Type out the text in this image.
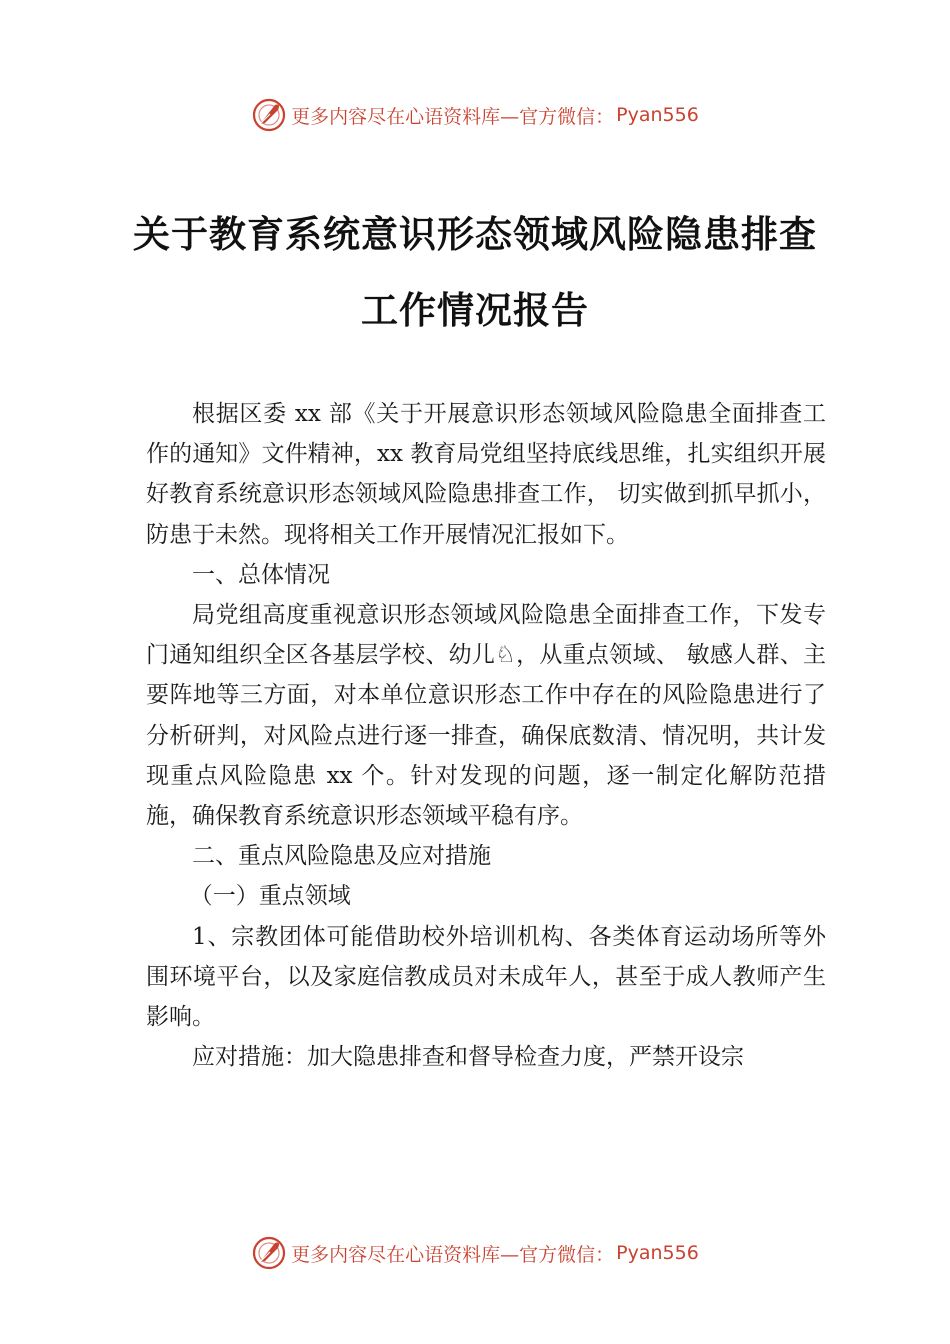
更多内容尽在心语资料库—官方微信： Pyan556
关于教育系统意识形态领域风险隐患排查
工作情况报告

根据区委 xx 部《关于开展意识形态领域风险隐患全面排查工作的通知》文件精神，xx 教育局党组坚持底线思维，扎实组织开展好教育系统意识形态领域风险隐患排查工作， 切实做到抓早抓小，防患于未然。现将相关工作开展情况汇报如下。

一、总体情况

局党组高度重视意识形态领域风险隐患全面排查工作，下发专门通知组织全区各基层学校、幼儿♘，从重点领域、 敏感人群、主要阵地等三方面，对本单位意识形态工作中存在的风险隐患进行了分析研判，对风险点进行逐一排查，确保底数清、情况明，共计发现重点风险隐患 xx 个。针对发现的问题，逐一制定化解防范措施，确保教育系统意识形态领域平稳有序。

二、重点风险隐患及应对措施

（一）重点领域

1、宗教团体可能借助校外培训机构、各类体育运动场所等外围环境平台，以及家庭信教成员对未成年人，甚至于成人教师产生影响。

应对措施：加大隐患排查和督导检查力度，严禁开设宗

更多内容尽在心语资料库—官方微信： Pyan556
